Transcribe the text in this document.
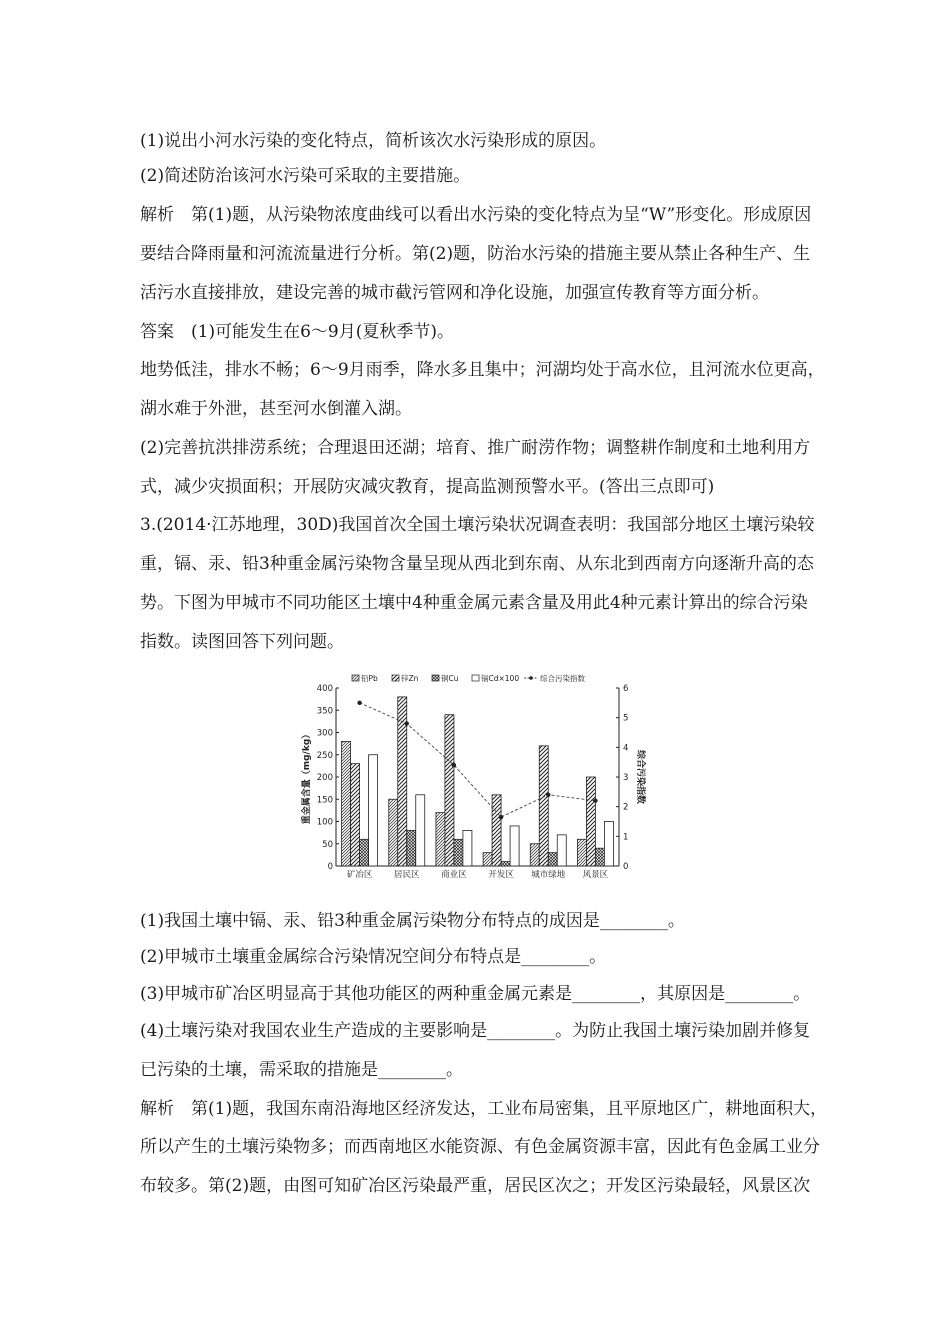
(1)说出小河水污染的变化特点，简析该次水污染形成的原因。

(2)简述防治该河水污染可采取的主要措施。

解析　第(1)题，从污染物浓度曲线可以看出水污染的变化特点为呈“W”形变化。形成原因

要结合降雨量和河流流量进行分析。第(2)题，防治水污染的措施主要从禁止各种生产、生

活污水直接排放，建设完善的城市截污管网和净化设施，加强宣传教育等方面分析。

答案　(1)可能发生在6～9月(夏秋季节)。

地势低洼，排水不畅；6～9月雨季，降水多且集中；河湖均处于高水位，且河流水位更高，

湖水难于外泄，甚至河水倒灌入湖。

(2)完善抗洪排涝系统；合理退田还湖；培育、推广耐涝作物；调整耕作制度和土地利用方

式，减少灾损面积；开展防灾减灾教育，提高监测预警水平。(答出三点即可)

3.(2014·江苏地理，30D)我国首次全国土壤污染状况调查表明：我国部分地区土壤污染较

重，镉、汞、铅3种重金属污染物含量呈现从西北到东南、从东北到西南方向逐渐升高的态

势。下图为甲城市不同功能区土壤中4种重金属元素含量及用此4种元素计算出的综合污染

指数。读图回答下列问题。

(1)我国土壤中镉、汞、铅3种重金属污染物分布特点的成因是________。

(2)甲城市土壤重金属综合污染情况空间分布特点是________。

(3)甲城市矿冶区明显高于其他功能区的两种重金属元素是________，其原因是________。

(4)土壤污染对我国农业生产造成的主要影响是________。为防止我国土壤污染加剧并修复

已污染的土壤，需采取的措施是________。

解析　第(1)题，我国东南沿海地区经济发达，工业布局密集，且平原地区广，耕地面积大，

所以产生的土壤污染物多；而西南地区水能资源、有色金属资源丰富，因此有色金属工业分

布较多。第(2)题，由图可知矿冶区污染最严重，居民区次之；开发区污染最轻，风景区次

0
50
100
150
200
250
300
350
400
0
1
2
3
4
5
6
重金属含量（mg/kg）	综合污染指数
矿冶区	居民区	商业区	开发区 城市绿地 风景区
铅Pb	锌Zn	铜Cu	镉Cd×100	综合污染指数
